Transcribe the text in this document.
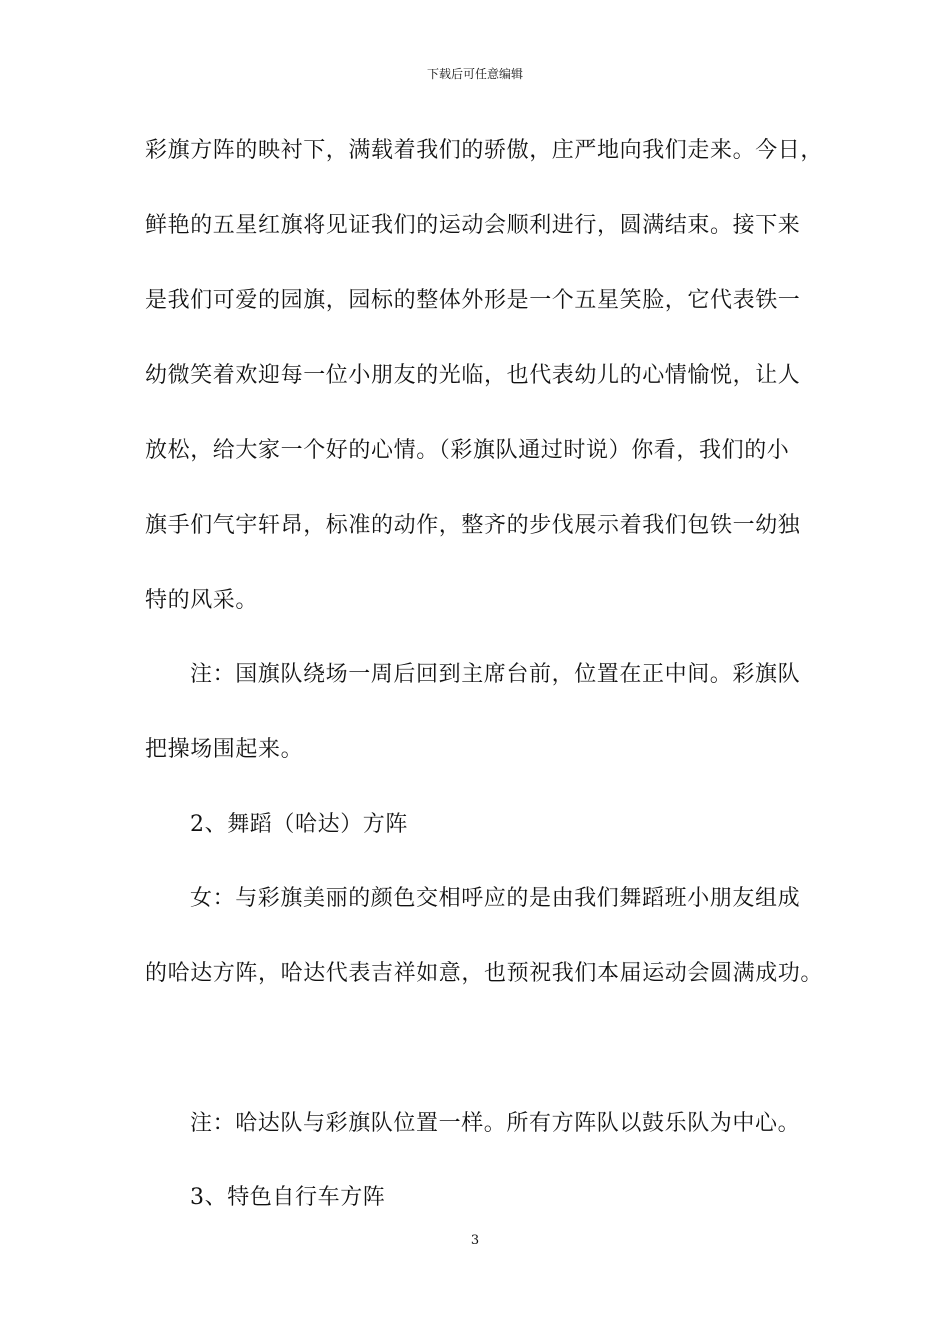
下载后可任意编辑
彩旗方阵的映衬下，满载着我们的骄傲，庄严地向我们走来。今日，
鲜艳的五星红旗将见证我们的运动会顺利进行，圆满结束。接下来
是我们可爱的园旗，园标的整体外形是一个五星笑脸，它代表铁一
幼微笑着欢迎每一位小朋友的光临，也代表幼儿的心情愉悦，让人
放松，给大家一个好的心情。（彩旗队通过时说）你看，我们的小
旗手们气宇轩昂，标准的动作，整齐的步伐展示着我们包铁一幼独
特的风采。
注：国旗队绕场一周后回到主席台前，位置在正中间。彩旗队
把操场围起来。
2、舞蹈（哈达）方阵
女：与彩旗美丽的颜色交相呼应的是由我们舞蹈班小朋友组成
的哈达方阵，哈达代表吉祥如意，也预祝我们本届运动会圆满成功。
注：哈达队与彩旗队位置一样。所有方阵队以鼓乐队为中心。
3、特色自行车方阵
3
